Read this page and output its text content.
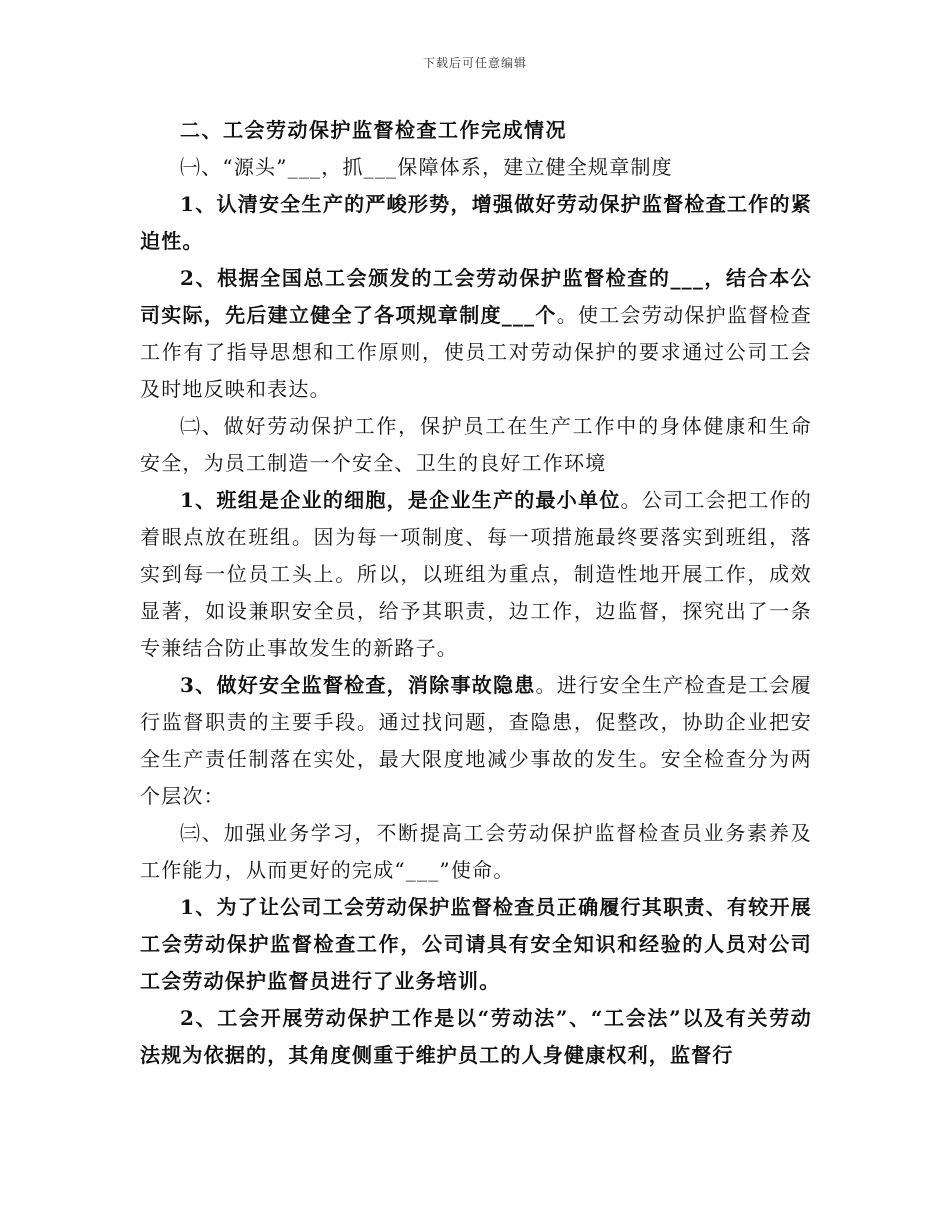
下载后可任意编辑

二、工会劳动保护监督检查工作完成情况

㈠、“源头”___，抓___保障体系，建立健全规章制度

1、认清安全生产的严峻形势，增强做好劳动保护监督检查工作的紧迫性。

2、根据全国总工会颁发的工会劳动保护监督检查的___，结合本公司实际，先后建立健全了各项规章制度___个。使工会劳动保护监督检查工作有了指导思想和工作原则，使员工对劳动保护的要求通过公司工会及时地反映和表达。

㈡、做好劳动保护工作，保护员工在生产工作中的身体健康和生命安全，为员工制造一个安全、卫生的良好工作环境

1、班组是企业的细胞，是企业生产的最小单位。公司工会把工作的着眼点放在班组。因为每一项制度、每一项措施最终要落实到班组，落实到每一位员工头上。所以，以班组为重点，制造性地开展工作，成效显著，如设兼职安全员，给予其职责，边工作，边监督，探究出了一条专兼结合防止事故发生的新路子。

3、做好安全监督检查，消除事故隐患。进行安全生产检查是工会履行监督职责的主要手段。通过找问题，查隐患，促整改，协助企业把安全生产责任制落在实处，最大限度地减少事故的发生。安全检查分为两个层次：

㈢、加强业务学习，不断提高工会劳动保护监督检查员业务素养及工作能力，从而更好的完成“___”使命。

1、为了让公司工会劳动保护监督检查员正确履行其职责、有较开展工会劳动保护监督检查工作，公司请具有安全知识和经验的人员对公司工会劳动保护监督员进行了业务培训。

2、工会开展劳动保护工作是以“劳动法”、“工会法”以及有关劳动法规为依据的，其角度侧重于维护员工的人身健康权利，监督行
